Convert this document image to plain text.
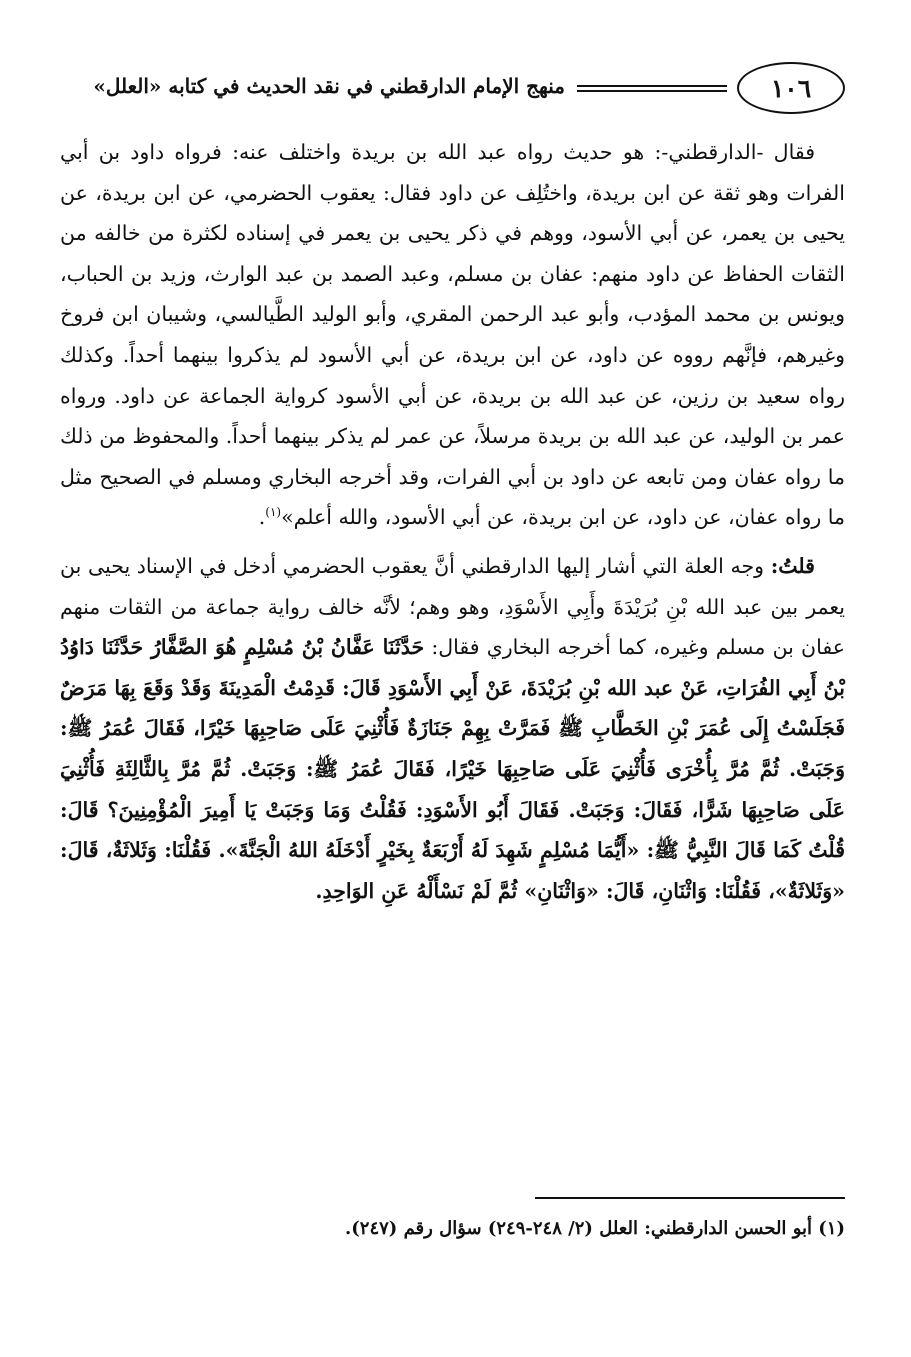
١٠٦
منهج الإمام الدارقطني في نقد الحديث في كتابه «العلل»

فقال -الدارقطني-: هو حديث رواه عبد الله بن بريدة واختلف عنه: فرواه داود بن أبي الفرات وهو ثقة عن ابن بريدة، واختُلِف عن داود فقال: يعقوب الحضرمي، عن ابن بريدة، عن يحيى بن يعمر، عن أبي الأسود، ووهم في ذكر يحيى بن يعمر في إسناده لكثرة من خالفه من الثقات الحفاظ عن داود منهم: عفان بن مسلم، وعبد الصمد بن عبد الوارث، وزيد بن الحباب، ويونس بن محمد المؤدب، وأبو عبد الرحمن المقري، وأبو الوليد الطَّيالسي، وشيبان ابن فروخ وغيرهم، فإنَّهم رووه عن داود، عن ابن بريدة، عن أبي الأسود لم يذكروا بينهما أحداً. وكذلك رواه سعيد بن رزين، عن عبد الله بن بريدة، عن أبي الأسود كرواية الجماعة عن داود. ورواه عمر بن الوليد، عن عبد الله بن بريدة مرسلاً، عن عمر لم يذكر بينهما أحداً. والمحفوظ من ذلك ما رواه عفان ومن تابعه عن داود بن أبي الفرات، وقد أخرجه البخاري ومسلم في الصحيح مثل ما رواه عفان، عن داود، عن ابن بريدة، عن أبي الأسود، والله أعلم»$^{(١)}$.

قلتُ: وجه العلة التي أشار إليها الدارقطني أنَّ يعقوب الحضرمي أدخل في الإسناد يحيى بن يعمر بين عبد الله بْنِ بُرَيْدَةَ وأَبِي الأَسْوَدِ، وهو وهم؛ لأنَّه خالف رواية جماعة من الثقات منهم عفان بن مسلم وغيره، كما أخرجه البخاري فقال: حَدَّثَنَا عَفَّانُ بْنُ مُسْلِمٍ هُوَ الصَّفَّارُ حَدَّثَنَا دَاوُدُ بْنُ أَبِي الفُرَاتِ، عَنْ عبد الله بْنِ بُرَيْدَةَ، عَنْ أَبِي الأَسْوَدِ قَالَ: قَدِمْتُ الْمَدِينَةَ وَقَدْ وَقَعَ بِهَا مَرَضٌ فَجَلَسْتُ إِلَى عُمَرَ بْنِ الخَطَّابِ ﷺ فَمَرَّتْ بِهِمْ جَنَازَةٌ فَأُثْنِيَ عَلَى صَاحِبِهَا خَيْرًا، فَقَالَ عُمَرُ ﷺ: وَجَبَتْ. ثُمَّ مُرَّ بِأُخْرَى فَأُثْنِيَ عَلَى صَاحِبِهَا خَيْرًا، فَقَالَ عُمَرُ ﷺ: وَجَبَتْ. ثُمَّ مُرَّ بِالثَّالِثَةِ فَأُثْنِيَ عَلَى صَاحِبِهَا شَرًّا، فَقَالَ: وَجَبَتْ. فَقَالَ أَبُو الأَسْوَدِ: فَقُلْتُ وَمَا وَجَبَتْ يَا أَمِيرَ الْمُؤْمِنِينَ؟ قَالَ: قُلْتُ كَمَا قَالَ النَّبِيُّ ﷺ: «أَيُّمَا مُسْلِمٍ شَهِدَ لَهُ أَرْبَعَةٌ بِخَيْرٍ أَدْخَلَهُ اللهُ الْجَنَّةَ». فَقُلْنَا: وَثَلاثَةٌ، قَالَ: «وَثَلاثَةٌ»، فَقُلْنَا: وَاثْنَانِ، قَالَ: «وَاثْنَانِ» ثُمَّ لَمْ نَسْأَلْهُ عَنِ الوَاحِدِ.

(١) أبو الحسن الدارقطني: العلل (٢/ ٢٤٨-٢٤٩) سؤال رقم (٢٤٧).
